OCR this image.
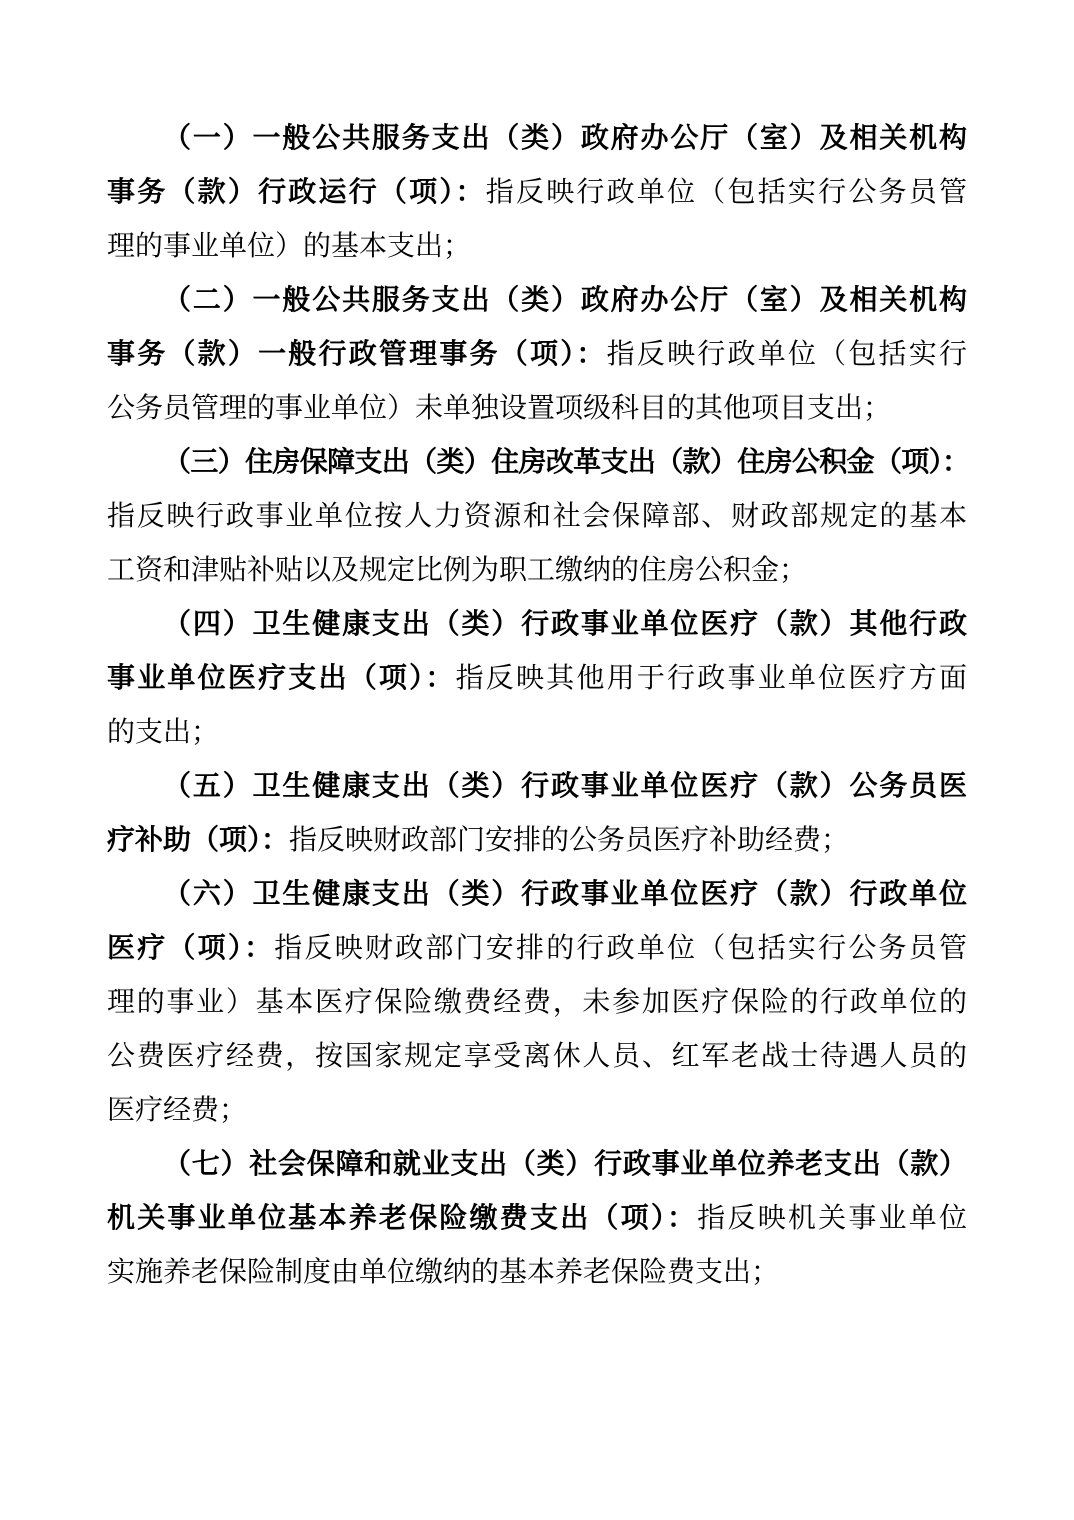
（一）一般公共服务支出（类）政府办公厅（室）及相关机构
事务（款）行政运行（项）：指反映行政单位（包括实行公务员管
理的事业单位）的基本支出；
（二）一般公共服务支出（类）政府办公厅（室）及相关机构
事务（款）一般行政管理事务（项）：指反映行政单位（包括实行
公务员管理的事业单位）未单独设置项级科目的其他项目支出；
（三）住房保障支出（类）住房改革支出（款）住房公积金（项）：
指反映行政事业单位按人力资源和社会保障部、财政部规定的基本
工资和津贴补贴以及规定比例为职工缴纳的住房公积金；
（四）卫生健康支出（类）行政事业单位医疗（款）其他行政
事业单位医疗支出（项）：指反映其他用于行政事业单位医疗方面
的支出；
（五）卫生健康支出（类）行政事业单位医疗（款）公务员医
疗补助（项）：指反映财政部门安排的公务员医疗补助经费；
（六）卫生健康支出（类）行政事业单位医疗（款）行政单位
医疗（项）：指反映财政部门安排的行政单位（包括实行公务员管
理的事业）基本医疗保险缴费经费，未参加医疗保险的行政单位的
公费医疗经费，按国家规定享受离休人员、红军老战士待遇人员的
医疗经费；
（七）社会保障和就业支出（类）行政事业单位养老支出（款）
机关事业单位基本养老保险缴费支出（项）：指反映机关事业单位
实施养老保险制度由单位缴纳的基本养老保险费支出；
